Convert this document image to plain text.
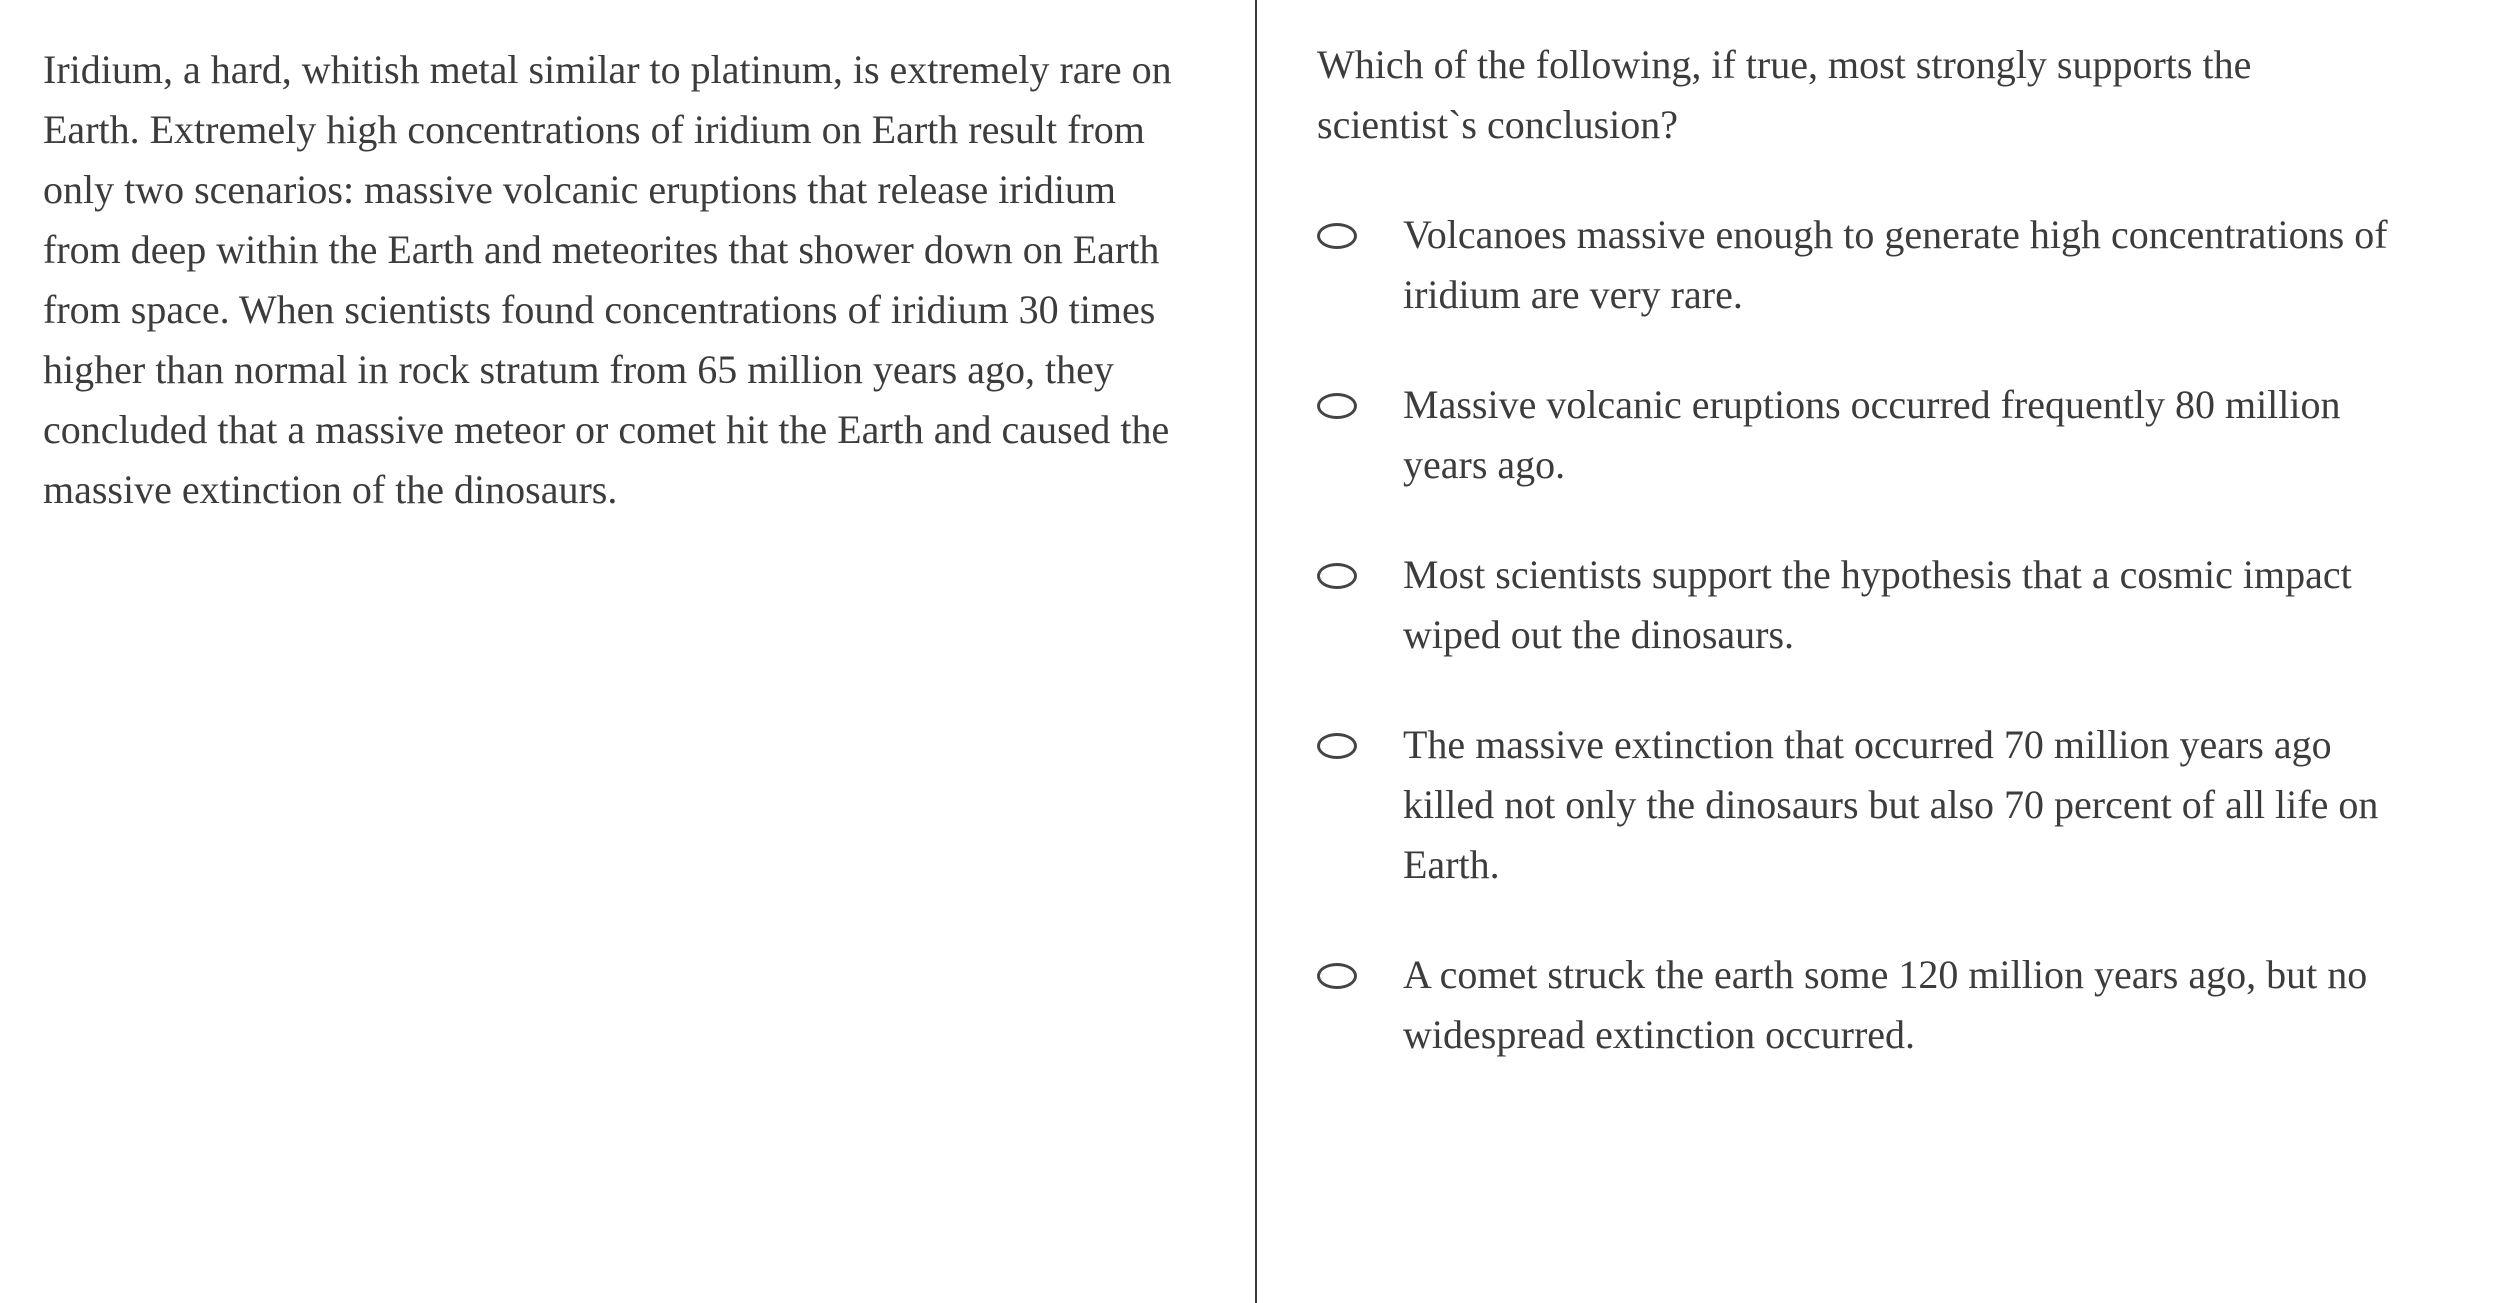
Iridium, a hard, whitish metal similar to platinum, is extremely rare on Earth. Extremely high concentrations of iridium on Earth result from only two scenarios: massive volcanic eruptions that release iridium from deep within the Earth and meteorites that shower down on Earth from space. When scientists found concentrations of iridium 30 times higher than normal in rock stratum from 65 million years ago, they concluded that a massive meteor or comet hit the Earth and caused the massive extinction of the dinosaurs.

Which of the following, if true, most strongly supports the scientist`s conclusion?

Volcanoes massive enough to generate high concentrations of iridium are very rare.
Massive volcanic eruptions occurred frequently 80 million years ago.
Most scientists support the hypothesis that a cosmic impact wiped out the dinosaurs.
The massive extinction that occurred 70 million years ago killed not only the dinosaurs but also 70 percent of all life on Earth.
A comet struck the earth some 120 million years ago, but no widespread extinction occurred.
